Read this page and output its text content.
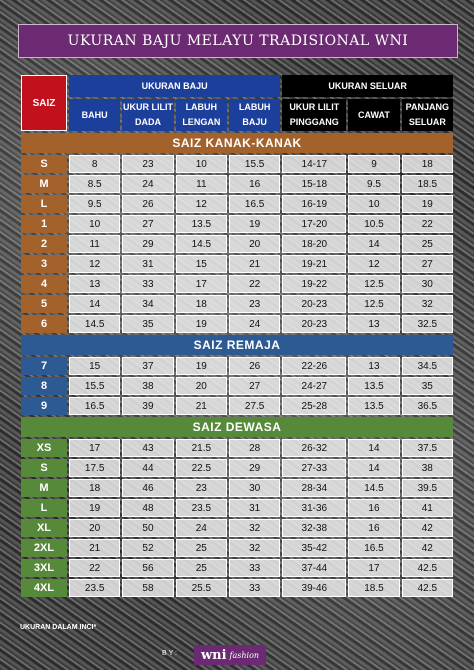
UKURAN BAJU MELAYU TRADISIONAL WNI
SAIZ	UKURAN BAJU				UKURAN SELUAR		
	BAHU	UKUR LILIT DADA	LABUH LENGAN	LABUH BAJU	UKUR LILIT PINGGANG	CAWAT	PANJANG SELUAR
SAIZ KANAK-KANAK							
S	8	23	10	15.5	14-17	9	18
M	8.5	24	11	16	15-18	9.5	18.5
L	9.5	26	12	16.5	16-19	10	19
1	10	27	13.5	19	17-20	10.5	22
2	11	29	14.5	20	18-20	14	25
3	12	31	15	21	19-21	12	27
4	13	33	17	22	19-22	12.5	30
5	14	34	18	23	20-23	12.5	32
6	14.5	35	19	24	20-23	13	32.5
SAIZ REMAJA							
7	15	37	19	26	22-26	13	34.5
8	15.5	38	20	27	24-27	13.5	35
9	16.5	39	21	27.5	25-28	13.5	36.5
SAIZ DEWASA							
XS	17	43	21.5	28	26-32	14	37.5
S	17.5	44	22.5	29	27-33	14	38
M	18	46	23	30	28-34	14.5	39.5
L	19	48	23.5	31	31-36	16	41
XL	20	50	24	32	32-38	16	42
2XL	21	52	25	32	35-42	16.5	42
3XL	22	56	25	33	37-44	17	42.5
4XL	23.5	58	25.5	33	39-46	18.5	42.5
UKURAN DALAM INCI*
BY: wni fashion
